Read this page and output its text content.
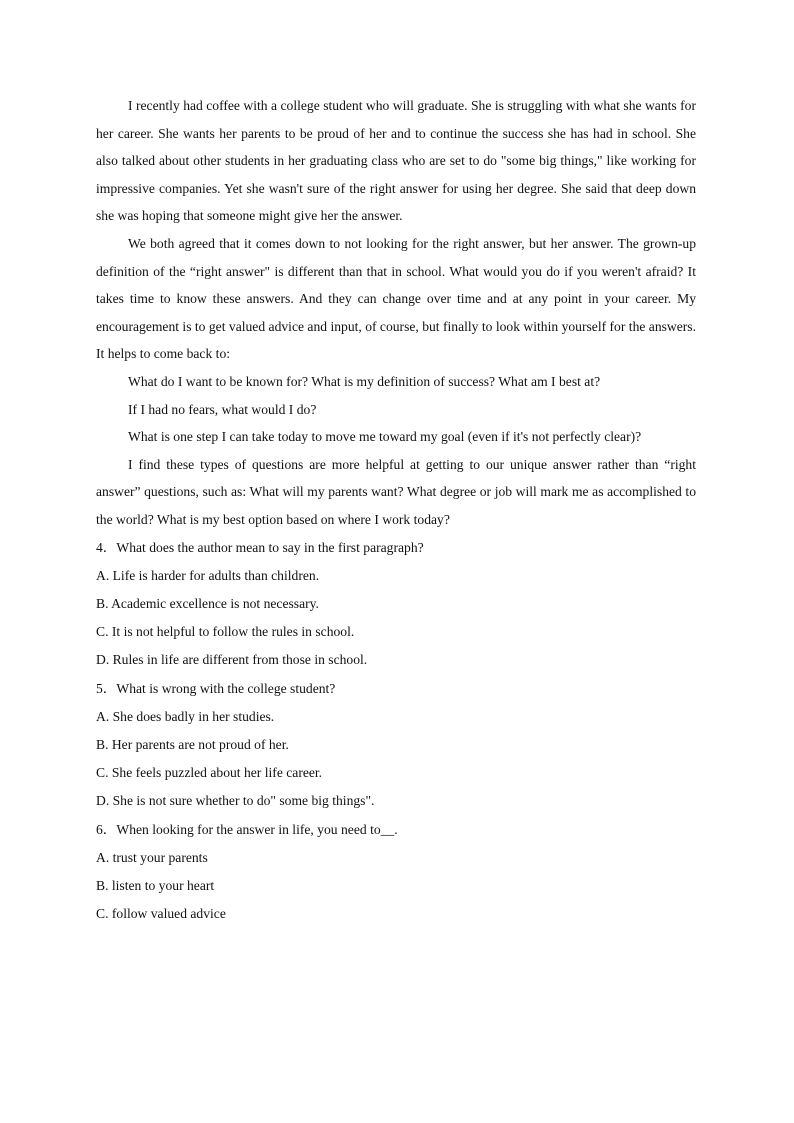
I recently had coffee with a college student who will graduate. She is struggling with what she wants for her career. She wants her parents to be proud of her and to continue the success she has had in school. She also talked about other students in her graduating class who are set to do "some big things," like working for impressive companies. Yet she wasn't sure of the right answer for using her degree. She said that deep down she was hoping that someone might give her the answer.

We both agreed that it comes down to not looking for the right answer, but her answer. The grown-up definition of the “right answer" is different than that in school. What would you do if you weren't afraid? It takes time to know these answers. And they can change over time and at any point in your career. My encouragement is to get valued advice and input, of course, but finally to look within yourself for the answers. It helps to come back to:

What do I want to be known for? What is my definition of success? What am I best at?

If I had no fears, what would I do?

What is one step I can take today to move me toward my goal (even if it's not perfectly clear)?

I find these types of questions are more helpful at getting to our unique answer rather than “right answer” questions, such as: What will my parents want? What degree or job will mark me as accomplished to the world? What is my best option based on where I work today?

4．What does the author mean to say in the first paragraph?

A. Life is harder for adults than children.

B. Academic excellence is not necessary.

C. It is not helpful to follow the rules in school.

D. Rules in life are different from those in school.

5．What is wrong with the college student?

A. She does badly in her studies.

B. Her parents are not proud of her.

C. She feels puzzled about her life career.

D. She is not sure whether to do" some big things".

6．When looking for the answer in life, you need to__.

A. trust your parents

B. listen to your heart

C. follow valued advice
